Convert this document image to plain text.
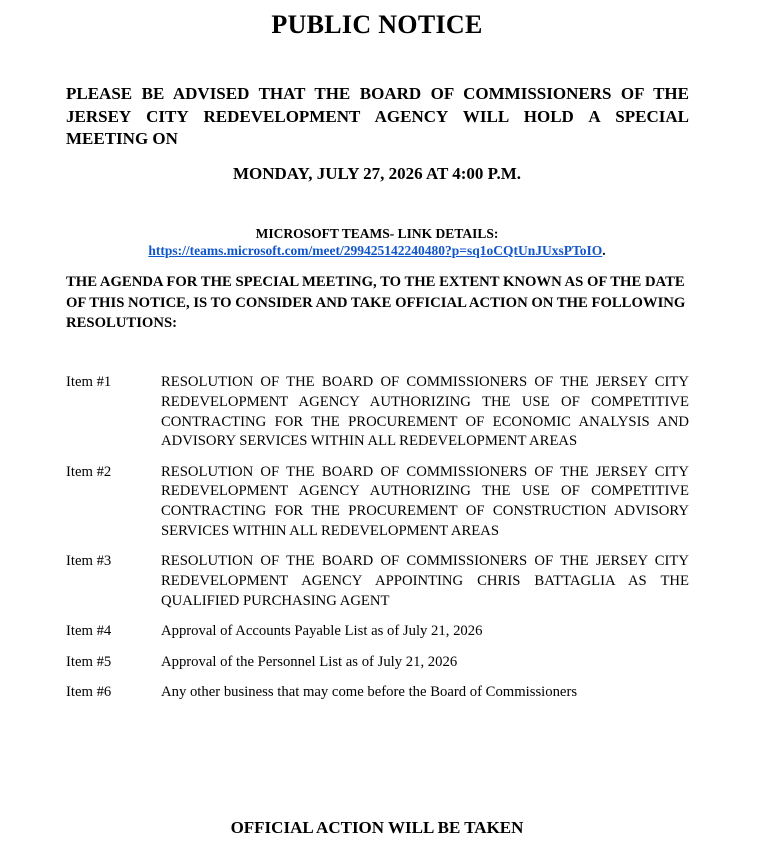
PUBLIC NOTICE
PLEASE BE ADVISED THAT THE BOARD OF COMMISSIONERS OF THE JERSEY CITY REDEVELOPMENT AGENCY WILL HOLD A SPECIAL MEETING ON
MONDAY, JULY 27, 2026 AT 4:00 P.M.
MICROSOFT TEAMS- LINK DETAILS:
https://teams.microsoft.com/meet/299425142240480?p=sq1oCQtUnJUxsPToIO.
THE AGENDA FOR THE SPECIAL MEETING, TO THE EXTENT KNOWN AS OF THE DATE OF THIS NOTICE, IS TO CONSIDER AND TAKE OFFICIAL ACTION ON THE FOLLOWING RESOLUTIONS:
Item #1	RESOLUTION OF THE BOARD OF COMMISSIONERS OF THE JERSEY CITY REDEVELOPMENT AGENCY AUTHORIZING THE USE OF COMPETITIVE CONTRACTING FOR THE PROCUREMENT OF ECONOMIC ANALYSIS AND ADVISORY SERVICES WITHIN ALL REDEVELOPMENT AREAS
Item #2	RESOLUTION OF THE BOARD OF COMMISSIONERS OF THE JERSEY CITY REDEVELOPMENT AGENCY AUTHORIZING THE USE OF COMPETITIVE CONTRACTING FOR THE PROCUREMENT OF CONSTRUCTION ADVISORY SERVICES WITHIN ALL REDEVELOPMENT AREAS
Item #3	RESOLUTION OF THE BOARD OF COMMISSIONERS OF THE JERSEY CITY REDEVELOPMENT AGENCY APPOINTING CHRIS BATTAGLIA AS THE QUALIFIED PURCHASING AGENT
Item #4	Approval of Accounts Payable List as of July 21, 2026
Item #5	Approval of the Personnel List as of July 21, 2026
Item #6	Any other business that may come before the Board of Commissioners
OFFICIAL ACTION WILL BE TAKEN
